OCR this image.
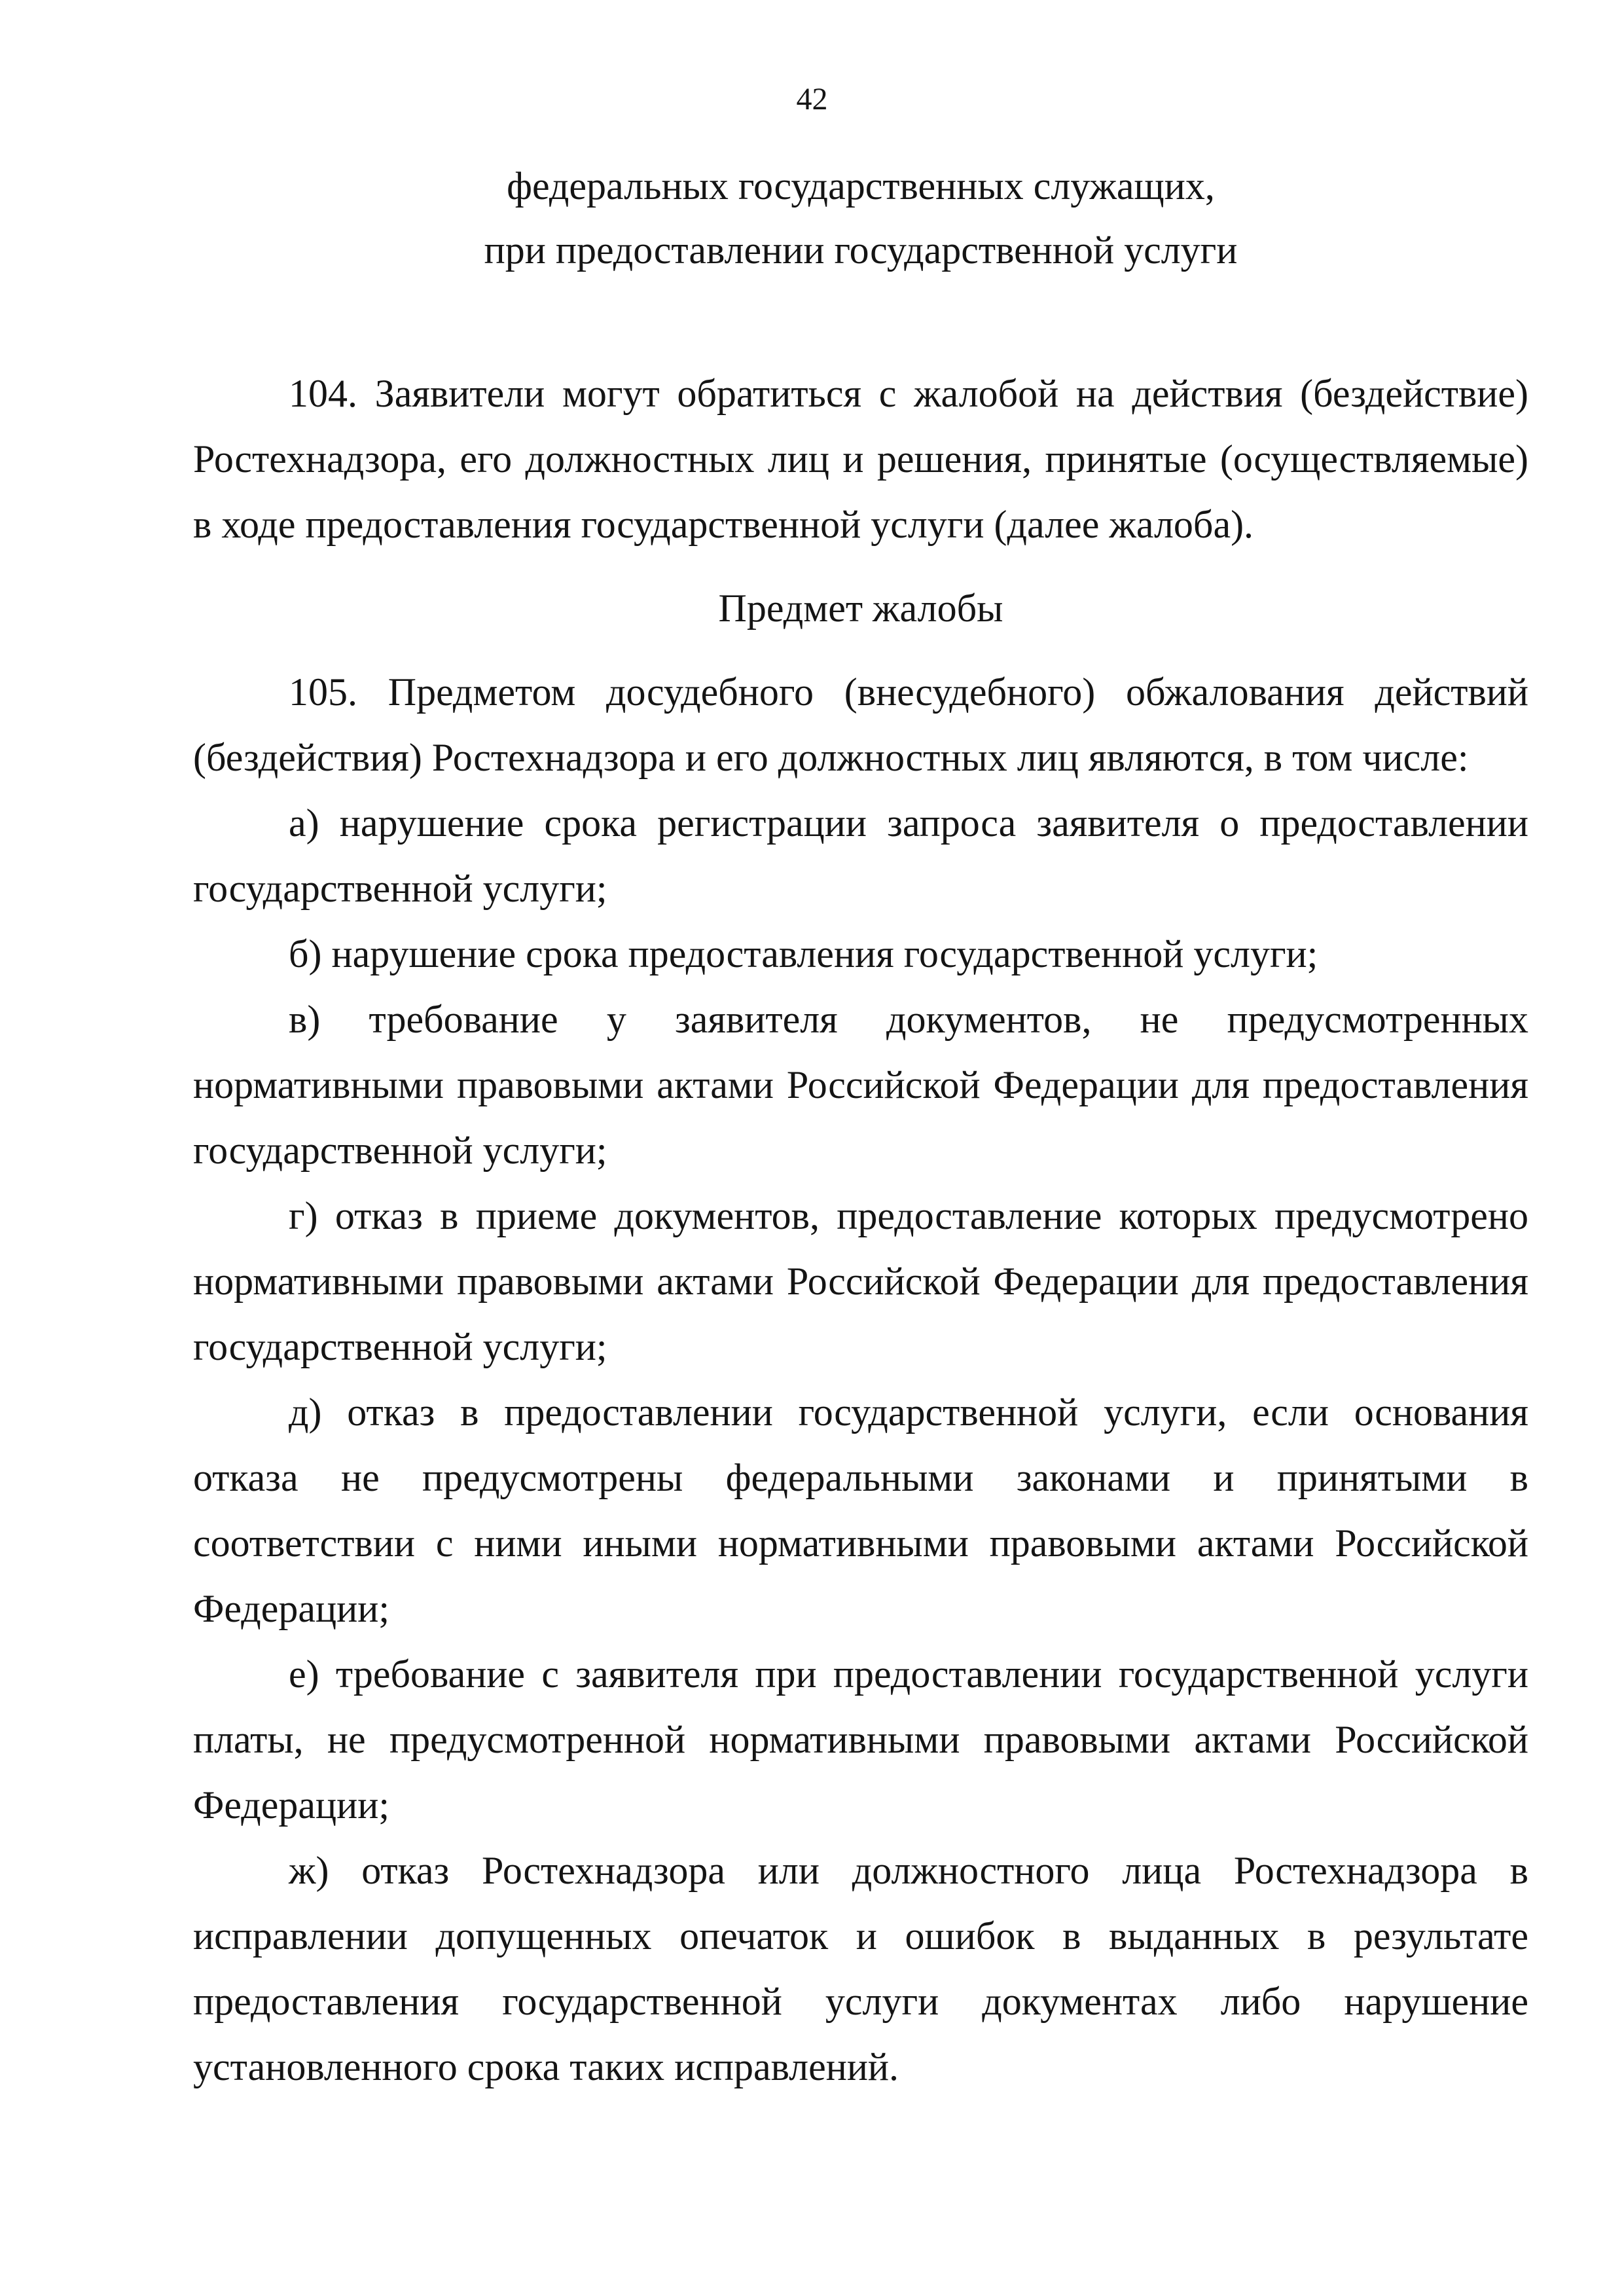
42
федеральных государственных служащих,
при предоставлении государственной услуги

104. Заявители могут обратиться с жалобой на действия (бездействие) Ростехнадзора, его должностных лиц и решения, принятые (осуществляемые) в ходе предоставления государственной услуги (далее жалоба).

Предмет жалобы

105. Предметом досудебного (внесудебного) обжалования действий (бездействия) Ростехнадзора и его должностных лиц являются, в том числе:

а) нарушение срока регистрации запроса заявителя о предоставлении государственной услуги;

б) нарушение срока предоставления государственной услуги;

в) требование у заявителя документов, не предусмотренных нормативными правовыми актами Российской Федерации для предоставления государственной услуги;

г) отказ в приеме документов, предоставление которых предусмотрено нормативными правовыми актами Российской Федерации для предоставления государственной услуги;

д) отказ в предоставлении государственной услуги, если основания отказа не предусмотрены федеральными законами и принятыми в соответствии с ними иными нормативными правовыми актами Российской Федерации;

е) требование с заявителя при предоставлении государственной услуги платы, не предусмотренной нормативными правовыми актами Российской Федерации;

ж) отказ Ростехнадзора или должностного лица Ростехнадзора в исправлении допущенных опечаток и ошибок в выданных в результате предоставления государственной услуги документах либо нарушение установленного срока таких исправлений.
